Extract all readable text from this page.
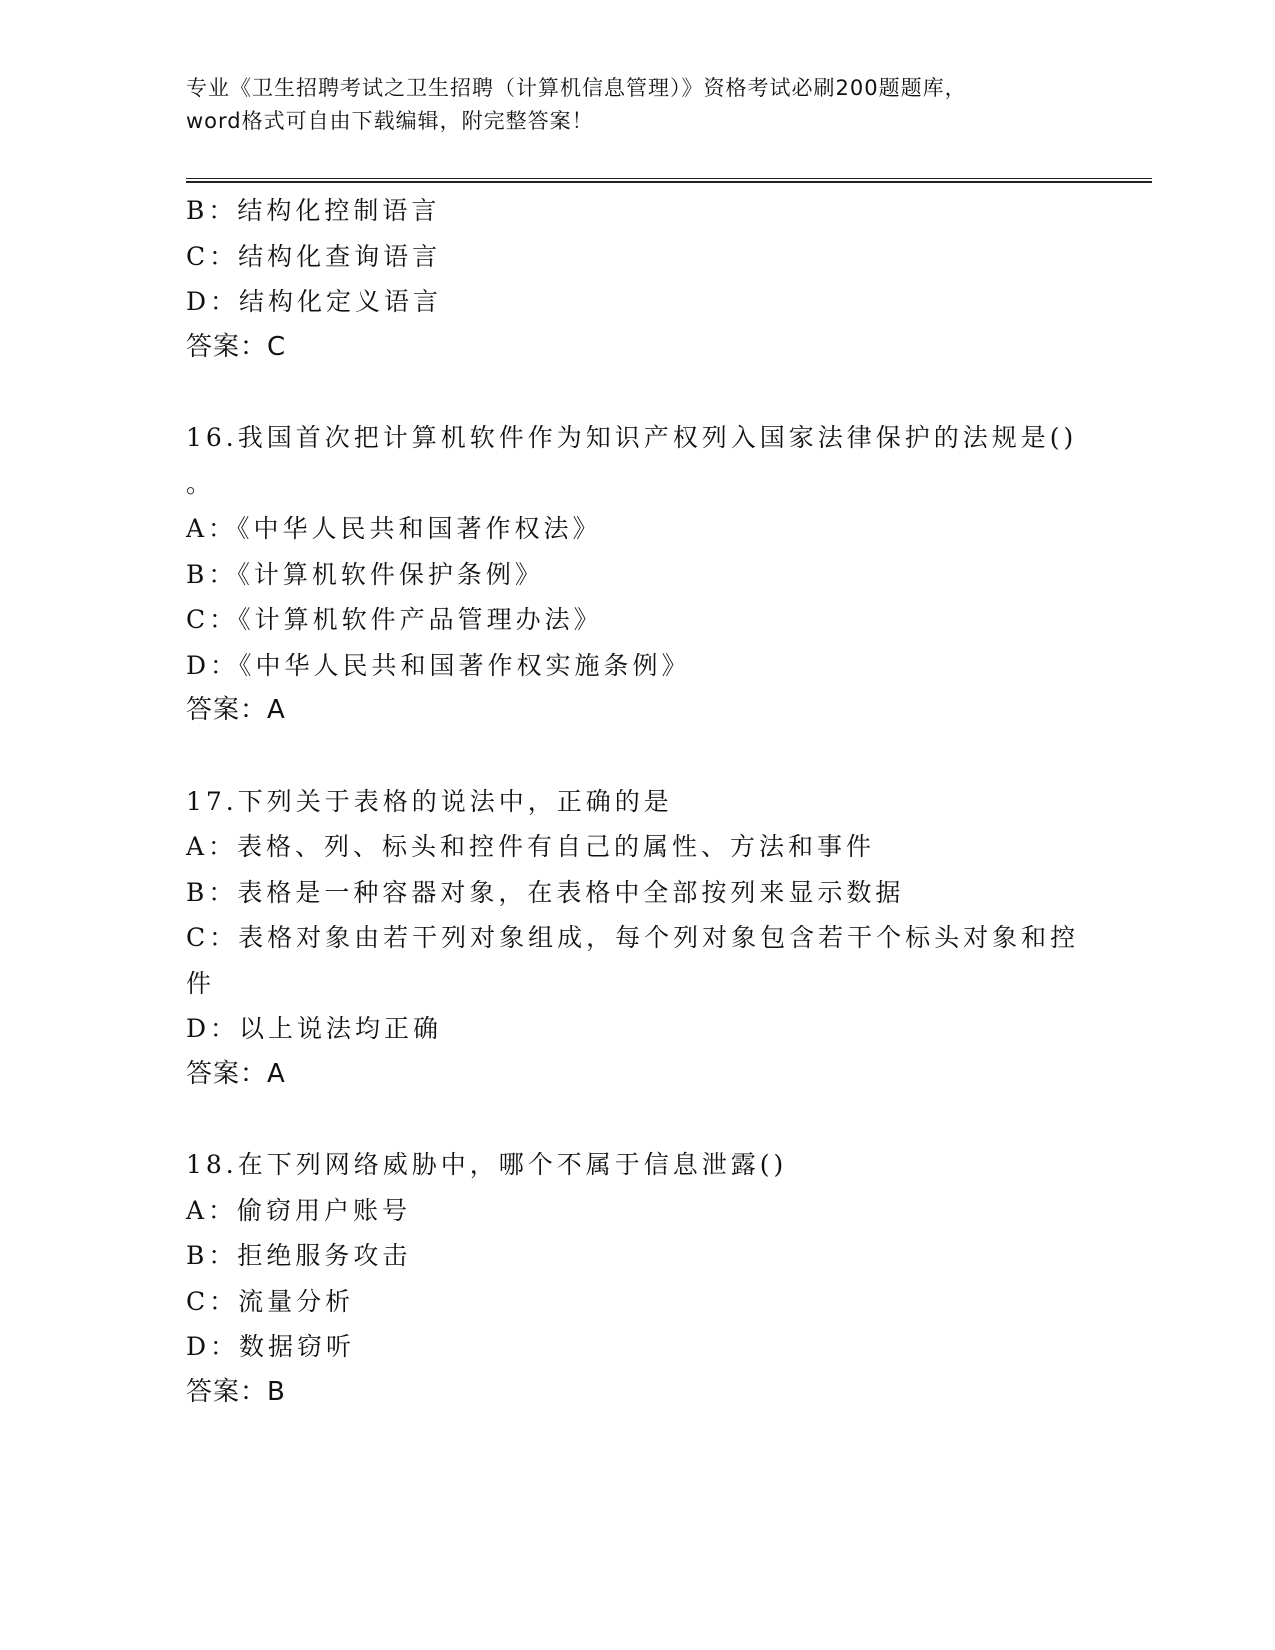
专业《卫生招聘考试之卫生招聘（计算机信息管理）》资格考试必刷200题题库，
word格式可自由下载编辑，附完整答案！
B：结构化控制语言
C：结构化查询语言
D：结构化定义语言
答案：C
16.我国首次把计算机软件作为知识产权列入国家法律保护的法规是()
。
A：《中华人民共和国著作权法》
B：《计算机软件保护条例》
C：《计算机软件产品管理办法》
D：《中华人民共和国著作权实施条例》
答案：A
17.下列关于表格的说法中，正确的是
A：表格、列、标头和控件有自己的属性、方法和事件
B：表格是一种容器对象，在表格中全部按列来显示数据
C：表格对象由若干列对象组成，每个列对象包含若干个标头对象和控
件
D：以上说法均正确
答案：A
18.在下列网络威胁中，哪个不属于信息泄露()
A：偷窃用户账号
B：拒绝服务攻击
C：流量分析
D：数据窃听
答案：B
